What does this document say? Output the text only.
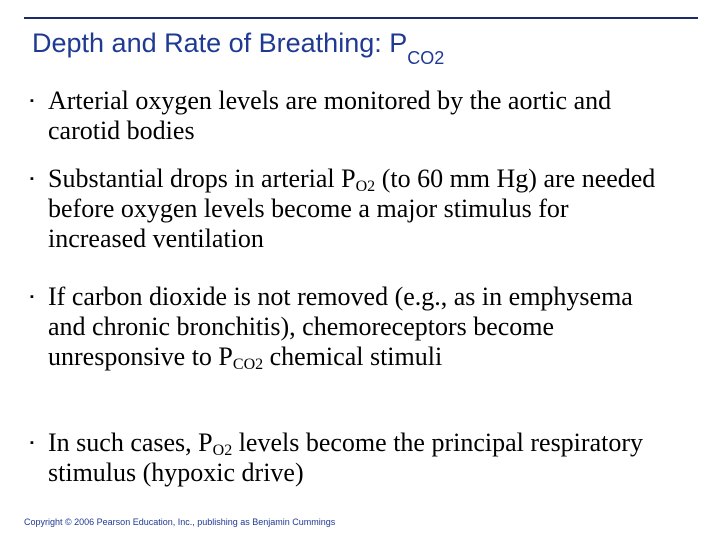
Depth and Rate of Breathing: $P_{CO2}$
▪ Arterial oxygen levels are monitored by the aortic and carotid bodies
▪ Substantial drops in arterial $P_{O2}$ (to 60 mm Hg) are needed before oxygen levels become a major stimulus for increased ventilation
▪ If carbon dioxide is not removed (e.g., as in emphysema and chronic bronchitis), chemoreceptors become unresponsive to $P_{CO2}$ chemical stimuli
▪ In such cases, $P_{O2}$ levels become the principal respiratory stimulus (hypoxic drive)
Copyright © 2006 Pearson Education, Inc., publishing as Benjamin Cummings
